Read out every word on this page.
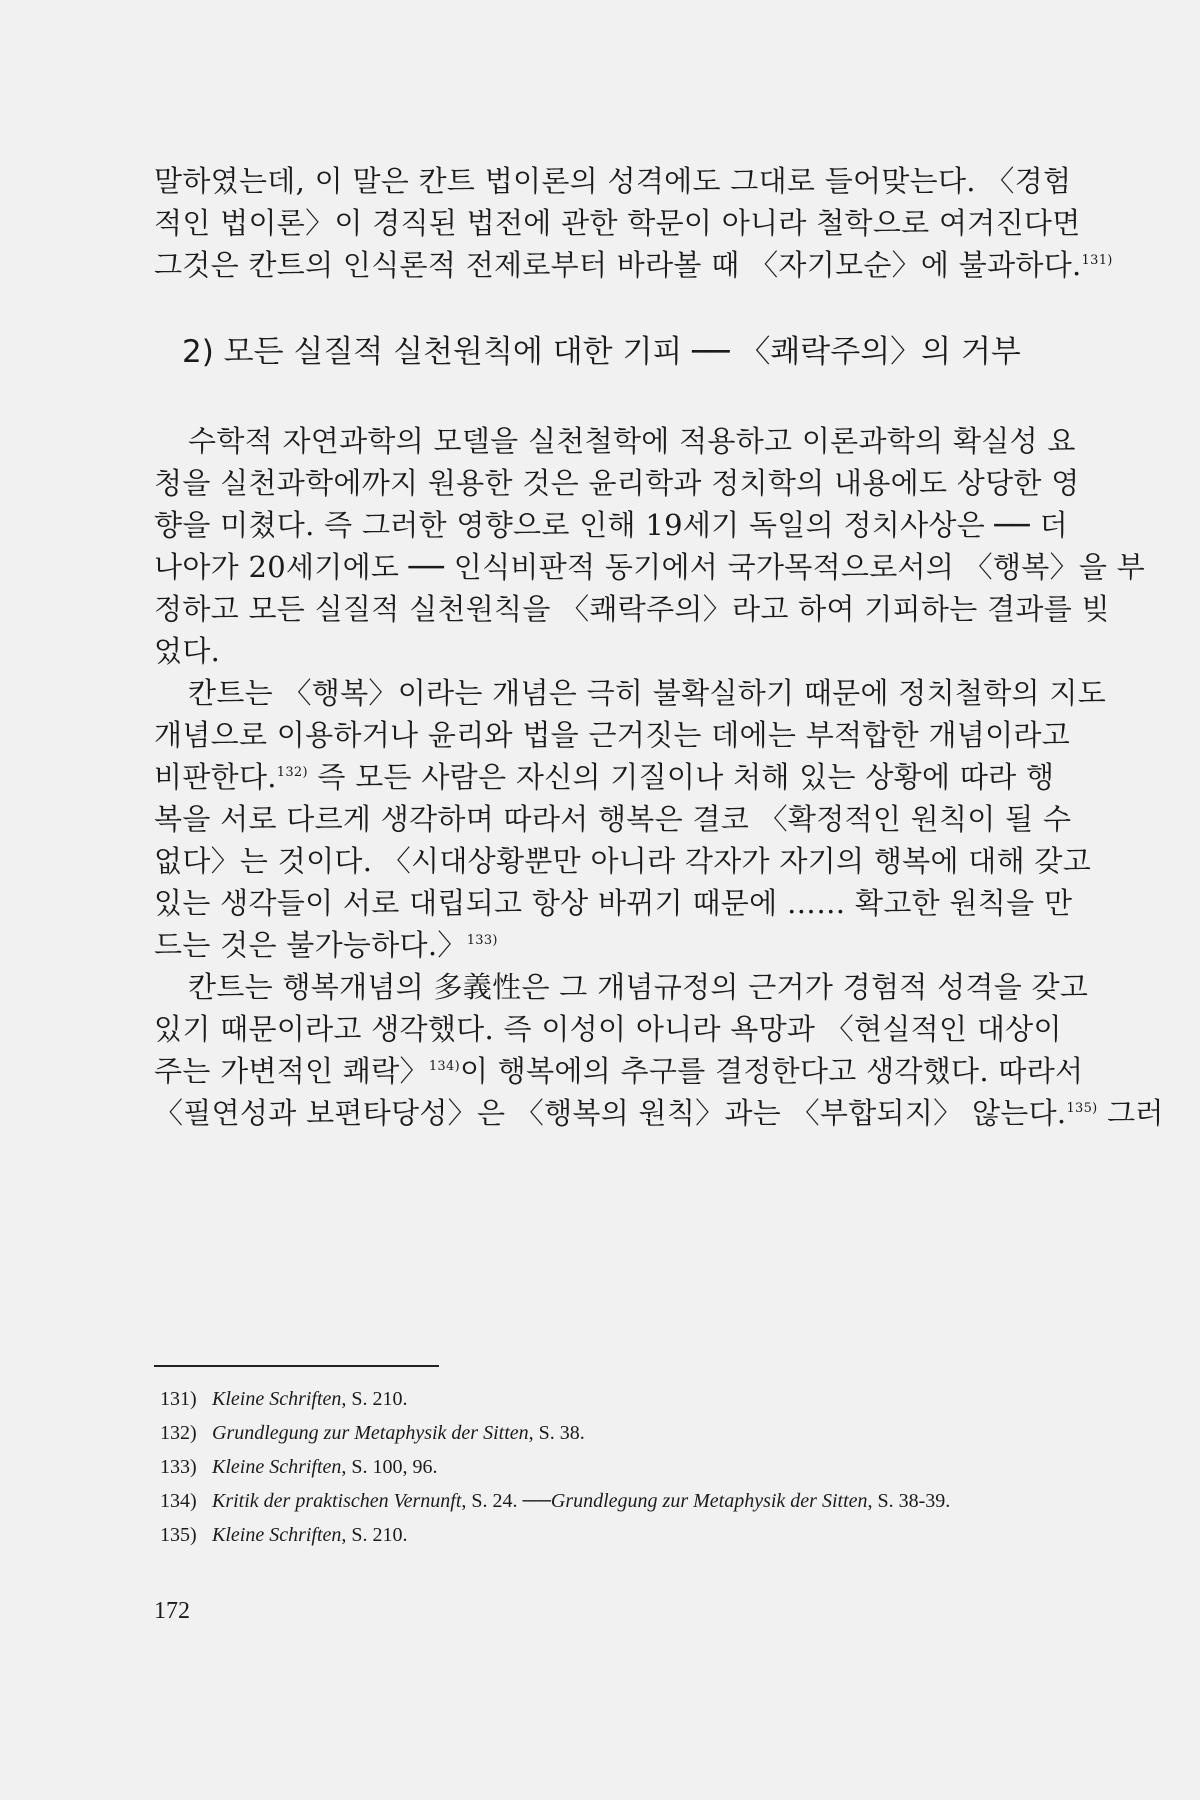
말하였는데, 이 말은 칸트 법이론의 성격에도 그대로 들어맞는다. 〈경험
적인 법이론〉이 경직된 법전에 관한 학문이 아니라 철학으로 여겨진다면
그것은 칸트의 인식론적 전제로부터 바라볼 때 〈자기모순〉에 불과하다.$^{131)}$
2) 모든 실질적 실천원칙에 대한 기피 ── 〈쾌락주의〉의 거부
수학적 자연과학의 모델을 실천철학에 적용하고 이론과학의 확실성 요
청을 실천과학에까지 원용한 것은 윤리학과 정치학의 내용에도 상당한 영
향을 미쳤다. 즉 그러한 영향으로 인해 19세기 독일의 정치사상은 ── 더
나아가 20세기에도 ── 인식비판적 동기에서 국가목적으로서의 〈행복〉을 부
정하고 모든 실질적 실천원칙을 〈쾌락주의〉라고 하여 기피하는 결과를 빚
었다.
칸트는 〈행복〉이라는 개념은 극히 불확실하기 때문에 정치철학의 지도
개념으로 이용하거나 윤리와 법을 근거짓는 데에는 부적합한 개념이라고
비판한다.$^{132)}$ 즉 모든 사람은 자신의 기질이나 처해 있는 상황에 따라 행
복을 서로 다르게 생각하며 따라서 행복은 결코 〈확정적인 원칙이 될 수
없다〉는 것이다. 〈시대상황뿐만 아니라 각자가 자기의 행복에 대해 갖고
있는 생각들이 서로 대립되고 항상 바뀌기 때문에 …… 확고한 원칙을 만
드는 것은 불가능하다.〉$^{133)}$
칸트는 행복개념의 多義性은 그 개념규정의 근거가 경험적 성격을 갖고
있기 때문이라고 생각했다. 즉 이성이 아니라 욕망과 〈현실적인 대상이
주는 가변적인 쾌락〉$^{134)}$이 행복에의 추구를 결정한다고 생각했다. 따라서
〈필연성과 보편타당성〉은 〈행복의 원칙〉과는 〈부합되지〉 않는다.$^{135)}$ 그러
131) Kleine Schriften, S. 210.
132) Grundlegung zur Metaphysik der Sitten, S. 38.
133) Kleine Schriften, S. 100, 96.
134) Kritik der praktischen Vernunft, S. 24. ──Grundlegung zur Metaphysik der Sitten, S. 38-39.
135) Kleine Schriften, S. 210.
172
